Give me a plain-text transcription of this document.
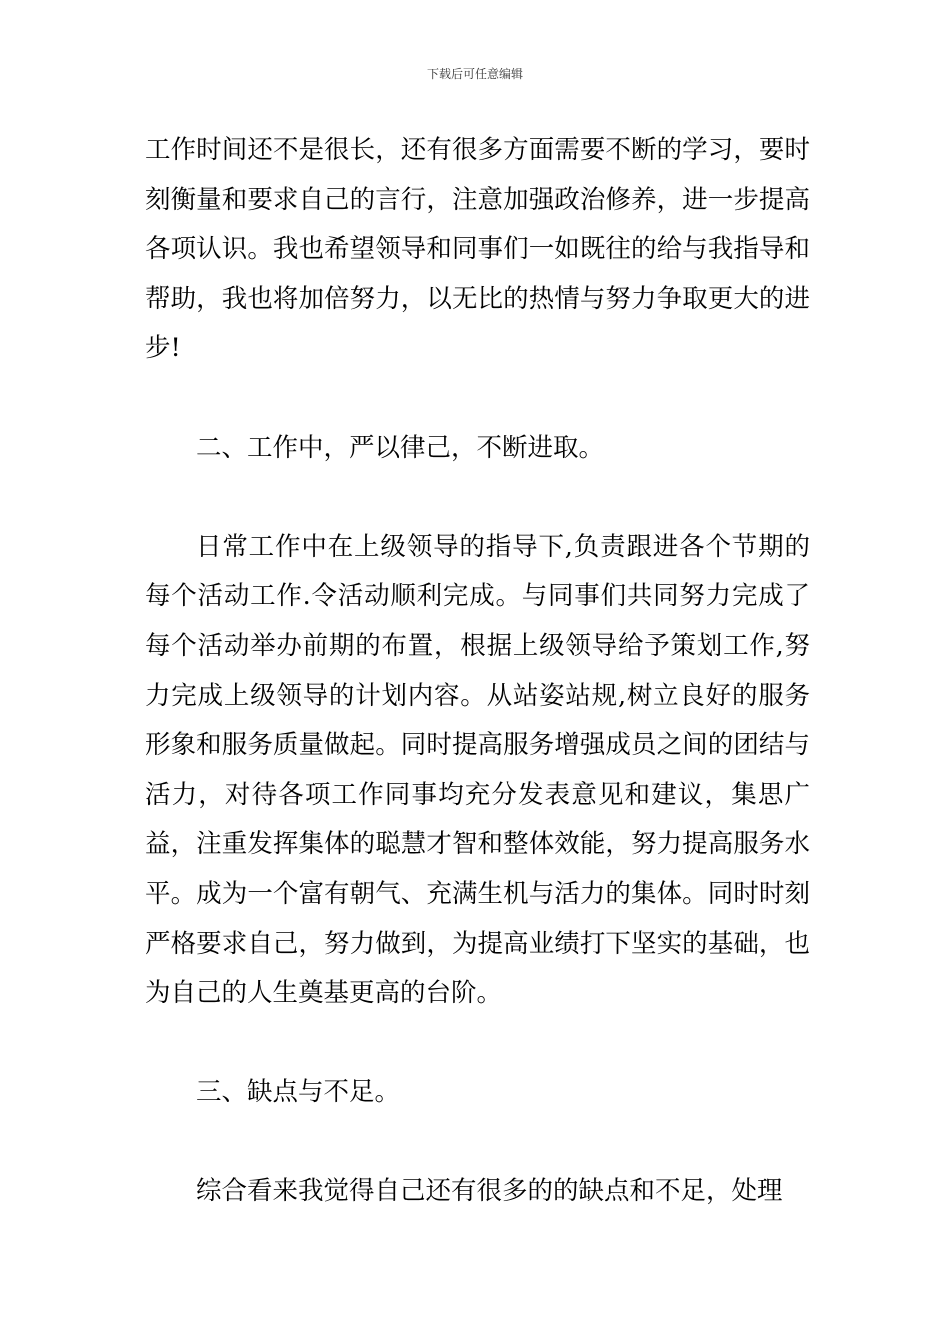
下载后可任意编辑

工作时间还不是很长，还有很多方面需要不断的学习，要时刻衡量和要求自己的言行，注意加强政治修养，进一步提高各项认识。我也希望领导和同事们一如既往的给与我指导和帮助，我也将加倍努力，以无比的热情与努力争取更大的进步!

二、工作中，严以律己，不断进取。

日常工作中在上级领导的指导下,负责跟进各个节期的每个活动工作.令活动顺利完成。与同事们共同努力完成了每个活动举办前期的布置，根据上级领导给予策划工作,努力完成上级领导的计划内容。从站姿站规,树立良好的服务形象和服务质量做起。同时提高服务增强成员之间的团结与活力，对待各项工作同事均充分发表意见和建议，集思广益，注重发挥集体的聪慧才智和整体效能，努力提高服务水平。成为一个富有朝气、充满生机与活力的集体。同时时刻严格要求自己，努力做到，为提高业绩打下坚实的基础，也为自己的人生奠基更高的台阶。

三、缺点与不足。

综合看来我觉得自己还有很多的的缺点和不足，处理
